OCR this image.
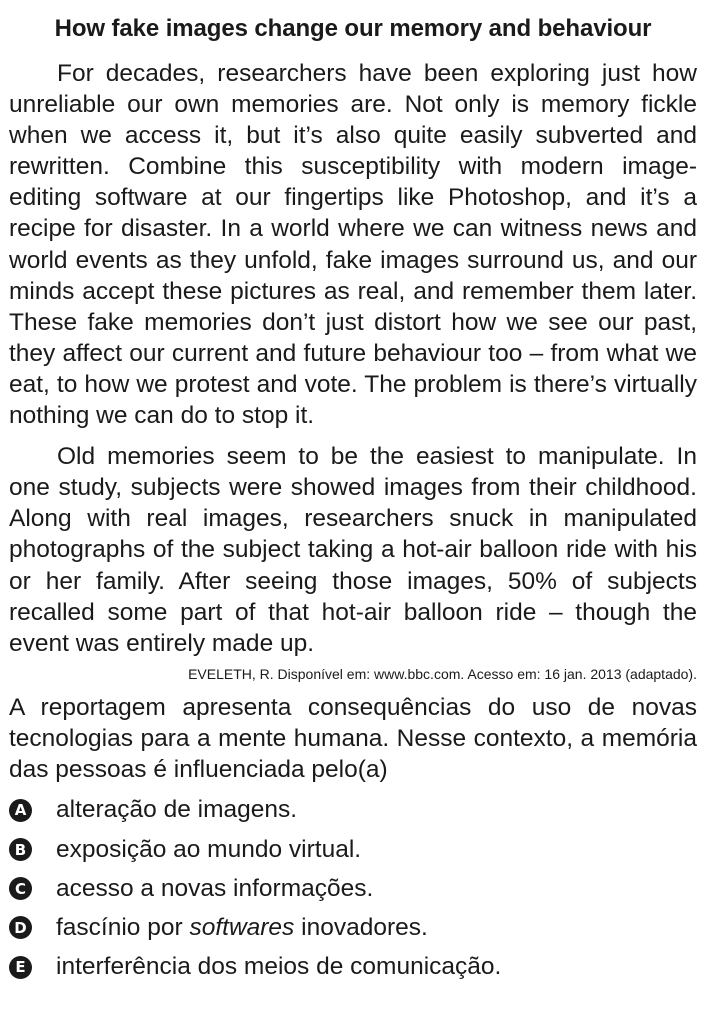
How fake images change our memory and behaviour

For decades, researchers have been exploring just how unreliable our own memories are. Not only is memory fickle when we access it, but it’s also quite easily subverted and rewritten. Combine this susceptibility with modern image-editing software at our fingertips like Photoshop, and it’s a recipe for disaster. In a world where we can witness news and world events as they unfold, fake images surround us, and our minds accept these pictures as real, and remember them later. These fake memories don’t just distort how we see our past, they affect our current and future behaviour too – from what we eat, to how we protest and vote. The problem is there’s virtually nothing we can do to stop it.

Old memories seem to be the easiest to manipulate. In one study, subjects were showed images from their childhood. Along with real images, researchers snuck in manipulated photographs of the subject taking a hot-air balloon ride with his or her family. After seeing those images, 50% of subjects recalled some part of that hot-air balloon ride – though the event was entirely made up.

EVELETH, R. Disponível em: www.bbc.com. Acesso em: 16 jan. 2013 (adaptado).

A reportagem apresenta consequências do uso de novas tecnologias para a mente humana. Nesse contexto, a memória das pessoas é influenciada pelo(a)

A alteração de imagens.
B exposição ao mundo virtual.
C acesso a novas informações.
D fascínio por softwares inovadores.
E interferência dos meios de comunicação.
